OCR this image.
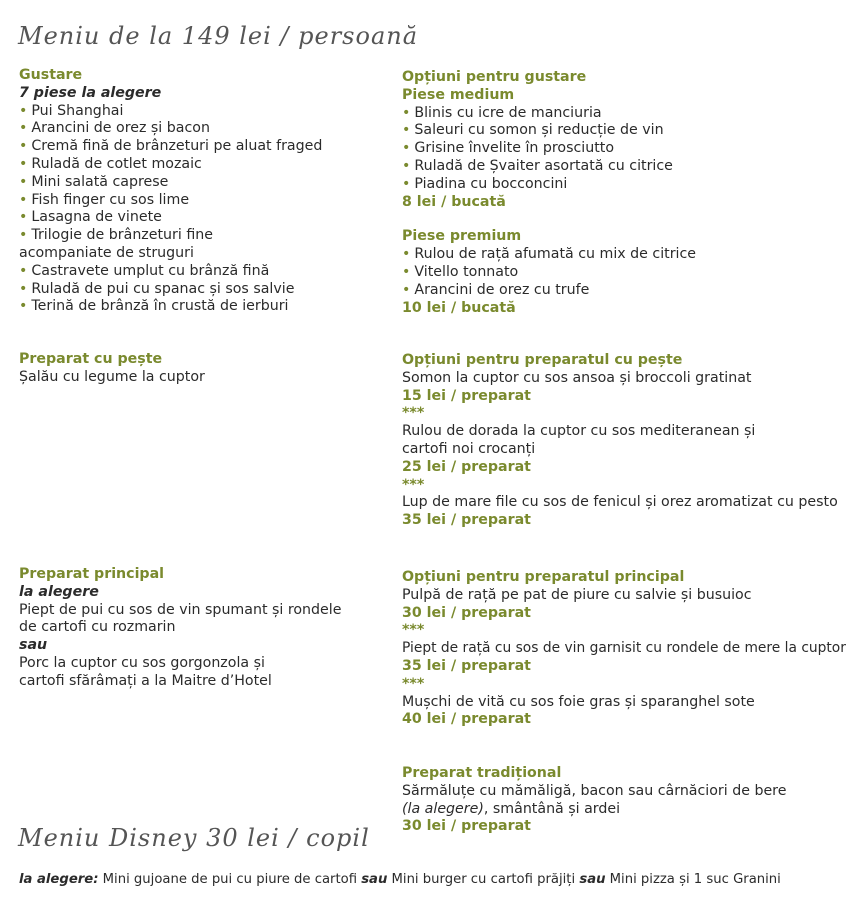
Meniu de la 149 lei / persoană
Meniu Disney 30 lei / copil
Gustare
7 piese la alegere
• Pui Shanghai
• Arancini de orez și bacon
• Cremă fină de brânzeturi pe aluat fraged
• Ruladă de cotlet mozaic
• Mini salată caprese
• Fish finger cu sos lime
• Lasagna de vinete
• Trilogie de brânzeturi fine
acompaniate de struguri
• Castravete umplut cu brânză fină
• Ruladă de pui cu spanac și sos salvie
• Terină de brânză în crustă de ierburi
Preparat cu pește
Șalău cu legume la cuptor
Preparat principal
la alegere
Piept de pui cu sos de vin spumant și rondele
de cartofi cu rozmarin
sau
Porc la cuptor cu sos gorgonzola și
cartofi sfărâmați a la Maitre d’Hotel
Opțiuni pentru gustare
Piese medium
• Blinis cu icre de manciuria
• Saleuri cu somon și reducție de vin
• Grisine învelite în prosciutto
• Ruladă de Șvaiter asortată cu citrice
• Piadina cu bocconcini
8 lei / bucată
Piese premium
• Rulou de rață afumată cu mix de citrice
• Vitello tonnato
• Arancini de orez cu trufe
10 lei / bucată
Opțiuni pentru preparatul cu pește
Somon la cuptor cu sos ansoa și broccoli gratinat
15 lei / preparat
***
Rulou de dorada la cuptor cu sos mediteranean și
cartofi noi crocanți
25 lei / preparat
***
Lup de mare file cu sos de fenicul și orez aromatizat cu pesto
35 lei / preparat
Opțiuni pentru preparatul principal
Pulpă de rață pe pat de piure cu salvie și busuioc
30 lei / preparat
***
Piept de rață cu sos de vin garnisit cu rondele de mere la cuptor
35 lei / preparat
***
Mușchi de vită cu sos foie gras și sparanghel sote
40 lei / preparat
Preparat tradițional
Sărmăluțe cu mămăligă, bacon sau cârnăciori de bere
(la alegere), smântână și ardei
30 lei / preparat
la alegere: Mini gujoane de pui cu piure de cartofi sau Mini burger cu cartofi prăjiți sau Mini pizza și 1 suc Granini
